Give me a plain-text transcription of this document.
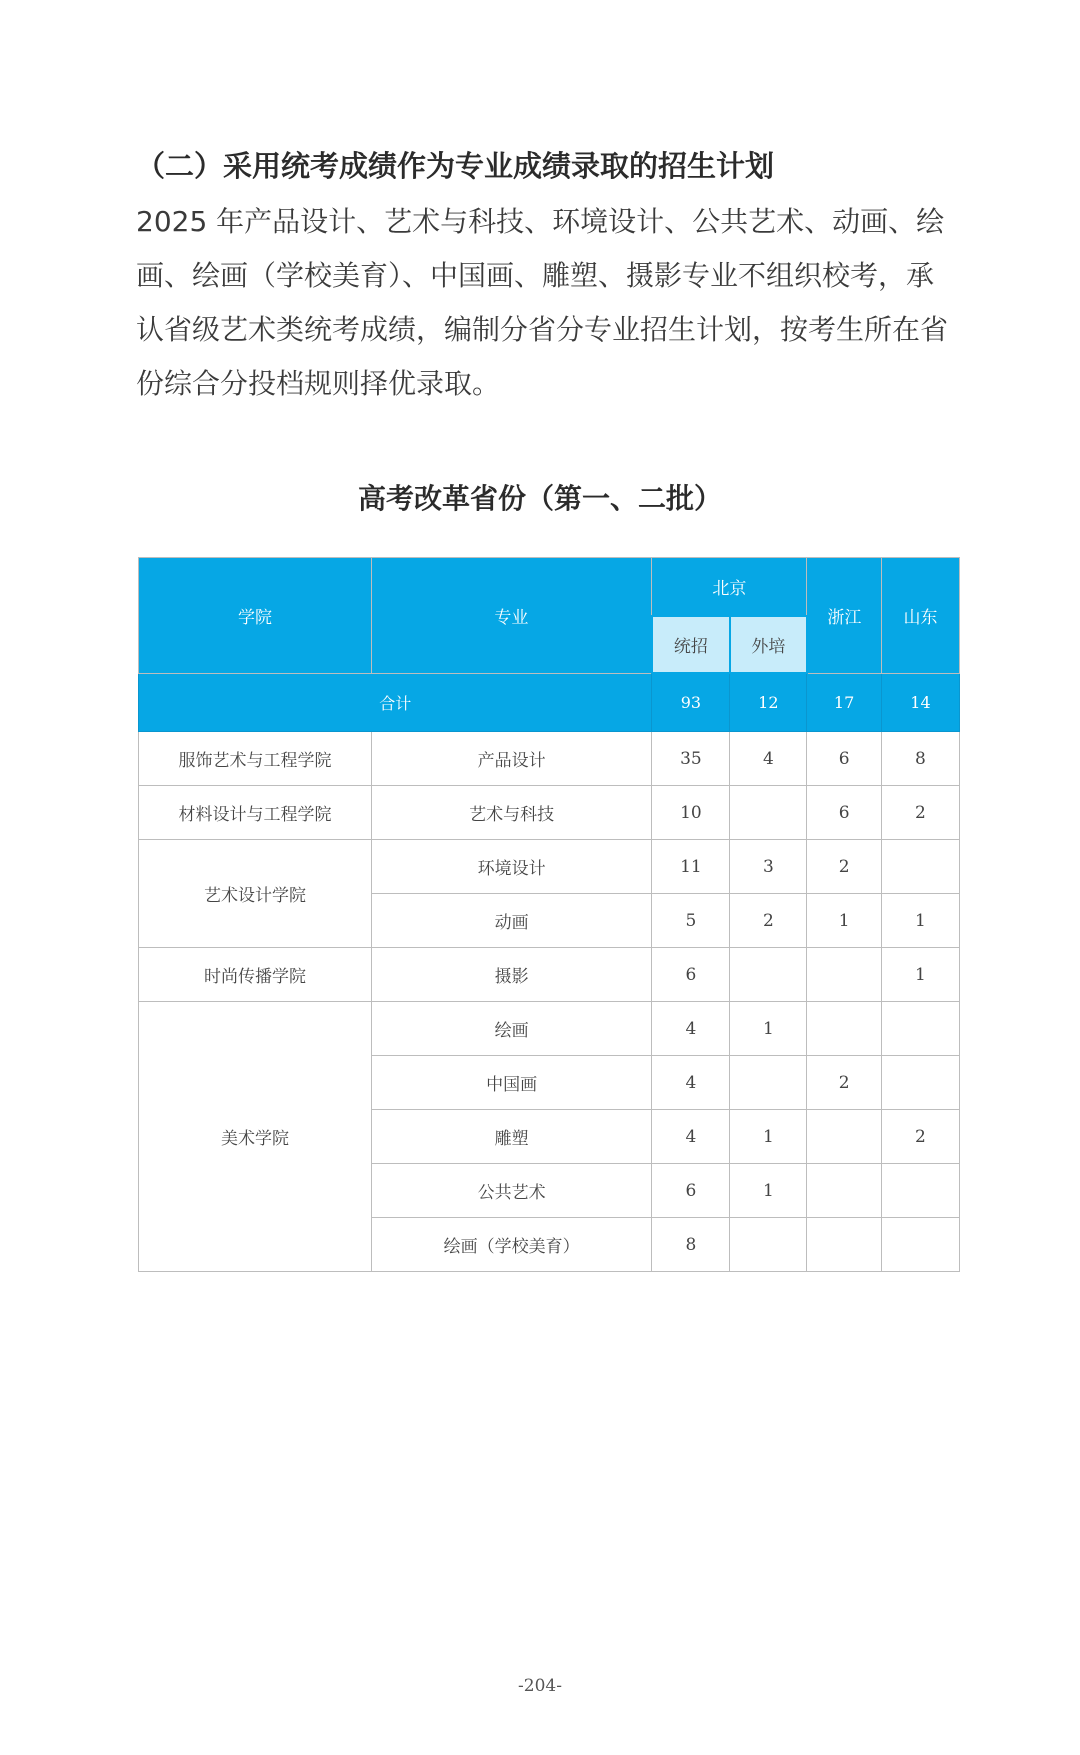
（二）采用统考成绩作为专业成绩录取的招生计划

2025 年产品设计、艺术与科技、环境设计、公共艺术、动画、绘画、绘画（学校美育）、中国画、雕塑、摄影专业不组织校考，承认省级艺术类统考成绩，编制分省分专业招生计划，按考生所在省份综合分投档规则择优录取。

高考改革省份（第一、二批）
学院	专业	北京		浙江	山东
		统招	外培		
合计		93	12	17	14
服饰艺术与工程学院	产品设计	35	4	6	8
材料设计与工程学院	艺术与科技	10		6	2
艺术设计学院	环境设计	11	3	2	
	动画	5	2	1	1
时尚传播学院	摄影	6			1
美术学院	绘画	4	1		
	中国画	4		2	
	雕塑	4	1		2
	公共艺术	6	1		
	绘画（学校美育）	8			
-204-
